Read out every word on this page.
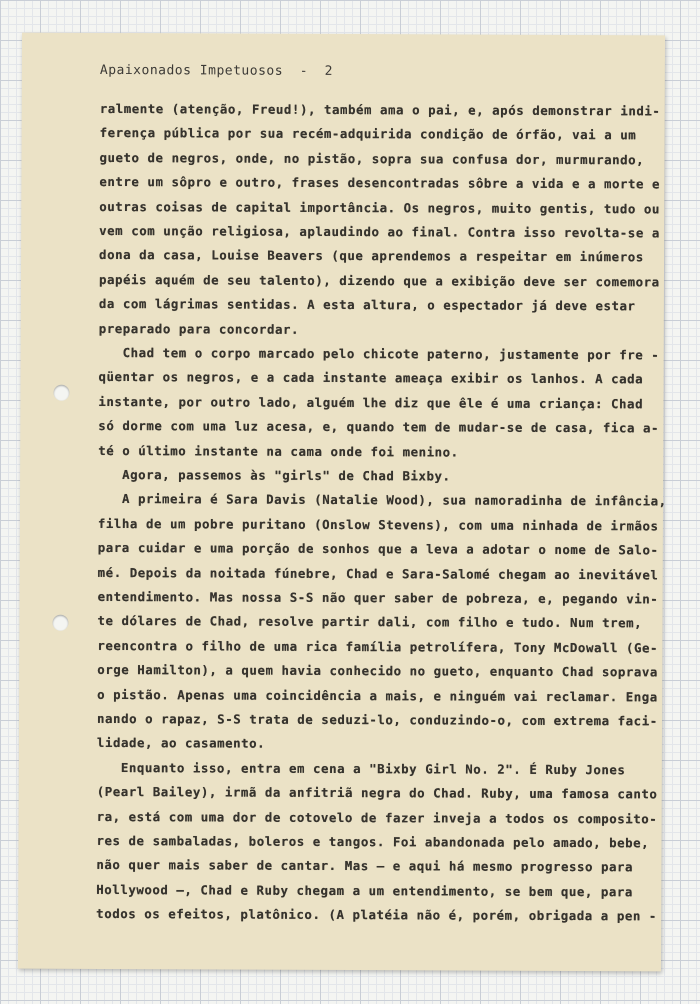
Apaixonados Impetuosos  -  2
ralmente (atenção, Freud!), também ama o pai, e, após demonstrar indi-
ferença pública por sua recém-adquirida condição de órfão, vai a um
gueto de negros, onde, no pistão, sopra sua confusa dor, murmurando,
entre um sôpro e outro, frases desencontradas sôbre a vida e a morte e
outras coisas de capital importância. Os negros, muito gentis, tudo ou
vem com unção religiosa, aplaudindo ao final. Contra isso revolta-se a
dona da casa, Louise Beavers (que aprendemos a respeitar em inúmeros
papéis aquém de seu talento), dizendo que a exibição deve ser comemora
da com lágrimas sentidas. A esta altura, o espectador já deve estar
preparado para concordar.
Chad tem o corpo marcado pelo chicote paterno, justamente por fre -
qüentar os negros, e a cada instante ameaça exibir os lanhos. A cada
instante, por outro lado, alguém lhe diz que êle é uma criança: Chad
só dorme com uma luz acesa, e, quando tem de mudar-se de casa, fica a-
té o último instante na cama onde foi menino.
Agora, passemos às "girls" de Chad Bixby.
A primeira é Sara Davis (Natalie Wood), sua namoradinha de infância,
filha de um pobre puritano (Onslow Stevens), com uma ninhada de irmãos
para cuidar e uma porção de sonhos que a leva a adotar o nome de Salo-
mé. Depois da noitada fúnebre, Chad e Sara-Salomé chegam ao inevitável
entendimento. Mas nossa S-S não quer saber de pobreza, e, pegando vin-
te dólares de Chad, resolve partir dali, com filho e tudo. Num trem,
reencontra o filho de uma rica família petrolífera, Tony McDowall (Ge-
orge Hamilton), a quem havia conhecido no gueto, enquanto Chad soprava
o pistão. Apenas uma coincidência a mais, e ninguém vai reclamar. Enga
nando o rapaz, S-S trata de seduzi-lo, conduzindo-o, com extrema faci-
lidade, ao casamento.
Enquanto isso, entra em cena a "Bixby Girl No. 2". É Ruby Jones
(Pearl Bailey), irmã da anfitriã negra do Chad. Ruby, uma famosa canto
ra, está com uma dor de cotovelo de fazer inveja a todos os composito-
res de sambaladas, boleros e tangos. Foi abandonada pelo amado, bebe,
não quer mais saber de cantar. Mas — e aqui há mesmo progresso para
Hollywood —, Chad e Ruby chegam a um entendimento, se bem que, para
todos os efeitos, platônico. (A platéia não é, porém, obrigada a pen -
